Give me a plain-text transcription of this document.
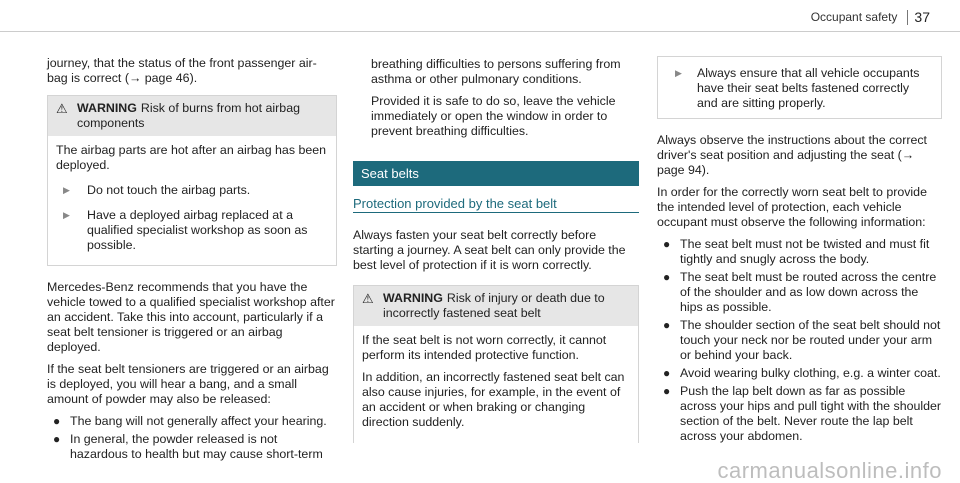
Occupant safety	37

journey, that the status of the front passenger air-bag is correct (→ page 46).

⚠ WARNING Risk of burns from hot airbag components

The airbag parts are hot after an airbag has been deployed.

▶	Do not touch the airbag parts.
▶	Have a deployed airbag replaced at a qualified specialist workshop as soon as possible.

Mercedes-Benz recommends that you have the vehicle towed to a qualified specialist workshop after an accident. Take this into account, particularly if a seat belt tensioner is triggered or an airbag deployed.

If the seat belt tensioners are triggered or an airbag is deployed, you will hear a bang, and a small amount of powder may also be released:

● The bang will not generally affect your hearing.
● In general, the powder released is not hazardous to health but may cause short-term

breathing difficulties to persons suffering from asthma or other pulmonary conditions.

Provided it is safe to do so, leave the vehicle immediately or open the window in order to prevent breathing difficulties.

Seat belts
Protection provided by the seat belt

Always fasten your seat belt correctly before starting a journey. A seat belt can only provide the best level of protection if it is worn correctly.

⚠ WARNING Risk of injury or death due to incorrectly fastened seat belt

If the seat belt is not worn correctly, it cannot perform its intended protective function.

In addition, an incorrectly fastened seat belt can also cause injuries, for example, in the event of an accident or when braking or changing direction suddenly.

▶	Always ensure that all vehicle occupants have their seat belts fastened correctly and are sitting properly.

Always observe the instructions about the correct driver's seat position and adjusting the seat (→ page 94).

In order for the correctly worn seat belt to provide the intended level of protection, each vehicle occupant must observe the following information:

● The seat belt must not be twisted and must fit tightly and snugly across the body.
● The seat belt must be routed across the centre of the shoulder and as low down across the hips as possible.
● The shoulder section of the seat belt should not touch your neck nor be routed under your arm or behind your back.
● Avoid wearing bulky clothing, e.g. a winter coat.
● Push the lap belt down as far as possible across your hips and pull tight with the shoulder section of the belt. Never route the lap belt across your abdomen.
carmanualsonline.info
